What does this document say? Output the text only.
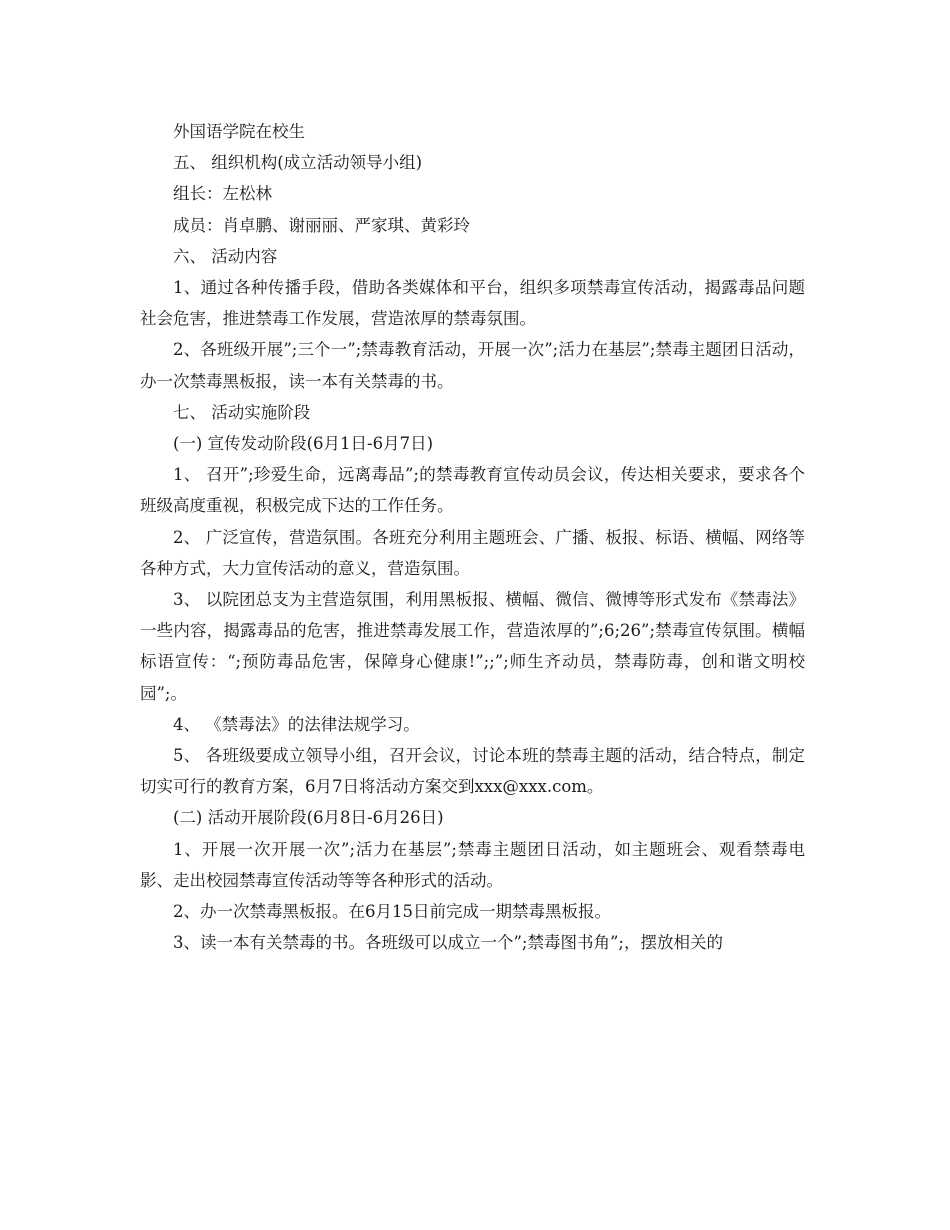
外国语学院在校生

五、 组织机构(成立活动领导小组)

组长：左松林

成员：肖卓鹏、谢丽丽、严家琪、黄彩玲

六、 活动内容

1、通过各种传播手段，借助各类媒体和平台，组织多项禁毒宣传活动，揭露毒品问题社会危害，推进禁毒工作发展，营造浓厚的禁毒氛围。

2、各班级开展”;三个一”;禁毒教育活动，开展一次”;活力在基层”;禁毒主题团日活动，办一次禁毒黑板报，读一本有关禁毒的书。

七、 活动实施阶段

(一) 宣传发动阶段(6月1日-6月7日)

1、 召开”;珍爱生命，远离毒品”;的禁毒教育宣传动员会议，传达相关要求，要求各个班级高度重视，积极完成下达的工作任务。

2、 广泛宣传，营造氛围。各班充分利用主题班会、广播、板报、标语、横幅、网络等各种方式，大力宣传活动的意义，营造氛围。

3、 以院团总支为主营造氛围，利用黑板报、横幅、微信、微博等形式发布《禁毒法》一些内容，揭露毒品的危害，推进禁毒发展工作，营造浓厚的”;6;26”;禁毒宣传氛围。横幅标语宣传：“;预防毒品危害，保障身心健康!”;;”;师生齐动员，禁毒防毒，创和谐文明校园”;。

4、 《禁毒法》的法律法规学习。

5、 各班级要成立领导小组，召开会议，讨论本班的禁毒主题的活动，结合特点，制定切实可行的教育方案，6月7日将活动方案交到xxx@xxx.com。

(二) 活动开展阶段(6月8日-6月26日)

1、开展一次开展一次”;活力在基层”;禁毒主题团日活动，如主题班会、观看禁毒电影、走出校园禁毒宣传活动等等各种形式的活动。

2、办一次禁毒黑板报。在6月15日前完成一期禁毒黑板报。

3、读一本有关禁毒的书。各班级可以成立一个”;禁毒图书角”;，摆放相关的
